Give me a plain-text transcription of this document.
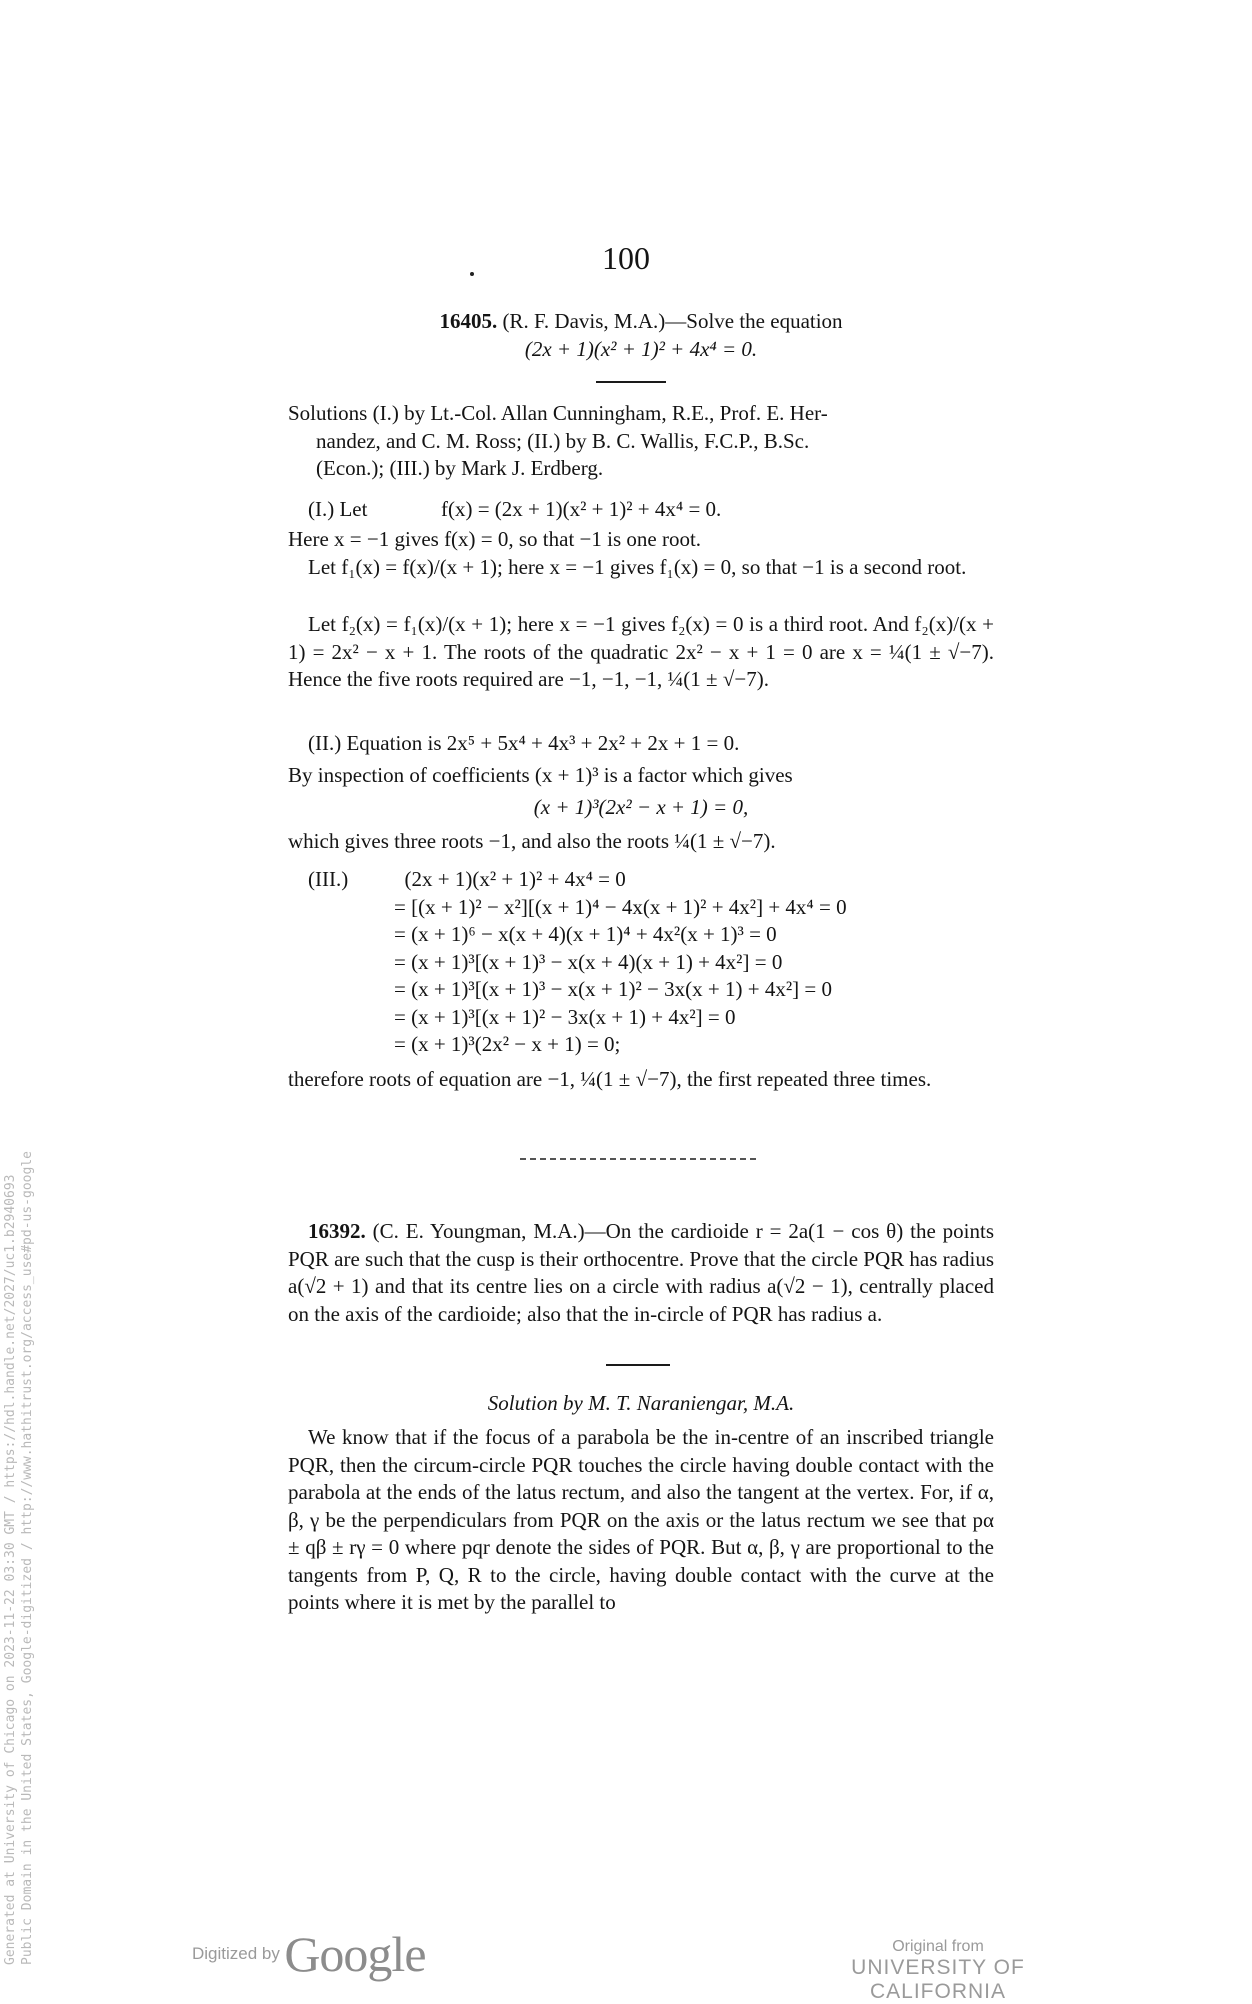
100
16405. (R. F. Davis, M.A.)—Solve the equation
(2x + 1)(x² + 1)² + 4x⁴ = 0.
Solutions (I.) by Lt.-Col. Allan Cunningham, R.E., Prof. E. Her-
nandez, and C. M. Ross; (II.) by B. C. Wallis, F.C.P., B.Sc.
(Econ.); (III.) by Mark J. Erdberg.
(I.) Let              f(x) = (2x + 1)(x² + 1)² + 4x⁴ = 0.
Here x = −1 gives f(x) = 0, so that −1 is one root.
Let f₁(x) = f(x)/(x + 1); here x = −1 gives f₁(x) = 0, so that −1 is a second root.
Let f₂(x) = f₁(x)/(x + 1); here x = −1 gives f₂(x) = 0 is a third root. And f₂(x)/(x + 1) = 2x² − x + 1. The roots of the quadratic 2x² − x + 1 = 0 are x = ¼(1 ± √−7). Hence the five roots required are −1, −1, −1, ¼(1 ± √−7).
(II.) Equation is 2x⁵ + 5x⁴ + 4x³ + 2x² + 2x + 1 = 0.
By inspection of coefficients (x + 1)³ is a factor which gives
(x + 1)³(2x² − x + 1) = 0,
which gives three roots −1, and also the roots ¼(1 ± √−7).
(III.)	(2x + 1)(x² + 1)² + 4x⁴ = 0
= [(x + 1)² − x²][(x + 1)⁴ − 4x(x + 1)² + 4x²] + 4x⁴ = 0
= (x + 1)⁶ − x(x + 4)(x + 1)⁴ + 4x²(x + 1)³ = 0
= (x + 1)³[(x + 1)³ − x(x + 4)(x + 1) + 4x²] = 0
= (x + 1)³[(x + 1)³ − x(x + 1)² − 3x(x + 1) + 4x²] = 0
= (x + 1)³[(x + 1)² − 3x(x + 1) + 4x²] = 0
= (x + 1)³(2x² − x + 1) = 0;
therefore roots of equation are −1, ¼(1 ± √−7), the first repeated three times.
16392. (C. E. Youngman, M.A.)—On the cardioide r = 2a(1 − cos θ) the points PQR are such that the cusp is their orthocentre. Prove that the circle PQR has radius a(√2 + 1) and that its centre lies on a circle with radius a(√2 − 1), centrally placed on the axis of the cardioide; also that the in-circle of PQR has radius a.
Solution by M. T. Naraniengar, M.A.
We know that if the focus of a parabola be the in-centre of an inscribed triangle PQR, then the circum-circle PQR touches the circle having double contact with the parabola at the ends of the latus rectum, and also the tangent at the vertex. For, if α, β, γ be the perpendiculars from PQR on the axis or the latus rectum we see that pα ± qβ ± rγ = 0 where pqr denote the sides of PQR. But α, β, γ are proportional to the tangents from P, Q, R to the circle, having double contact with the curve at the points where it is met by the parallel to
Generated at University of Chicago on 2023-11-22 03:30 GMT / https://hdl.handle.net/2027/uc1.b2940693 Public Domain in the United States, Google-digitized / http://www.hathitrust.org/access_use#pd-us-google	Digitized by Google	Original from
UNIVERSITY OF CALIFORNIA
